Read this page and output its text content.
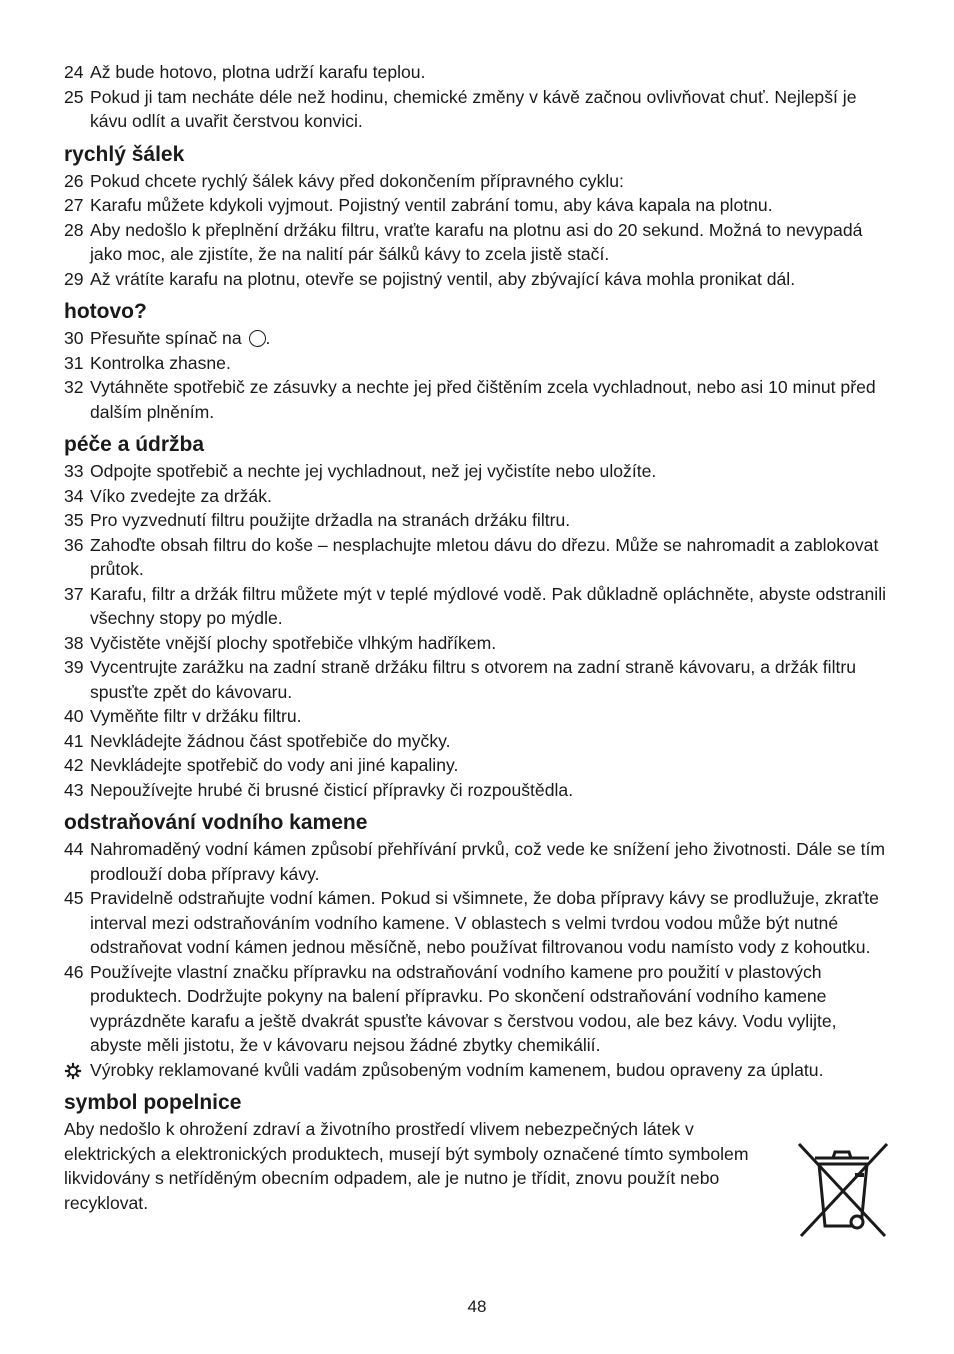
24 Až bude hotovo, plotna udrží karafu teplou.

25 Pokud ji tam necháte déle než hodinu, chemické změny v kávě začnou ovlivňovat chuť. Nejlepší je kávu odlít a uvařit čerstvou konvici.

rychlý šálek

26 Pokud chcete rychlý šálek kávy před dokončením přípravného cyklu:

27 Karafu můžete kdykoli vyjmout. Pojistný ventil zabrání tomu, aby káva kapala na plotnu.

28 Aby nedošlo k přeplnění držáku filtru, vraťte karafu na plotnu asi do 20 sekund. Možná to nevypadá jako moc, ale zjistíte, že na nalití pár šálků kávy to zcela jistě stačí.

29 Až vrátíte karafu na plotnu, otevře se pojistný ventil, aby zbývající káva mohla pronikat dál.

hotovo?

30 Přesuňte spínač na .

31 Kontrolka zhasne.

32 Vytáhněte spotřebič ze zásuvky a nechte jej před čištěním zcela vychladnout, nebo asi 10 minut před dalším plněním.

péče a údržba

33 Odpojte spotřebič a nechte jej vychladnout, než jej vyčistíte nebo uložíte.

34 Víko zvedejte za držák.

35 Pro vyzvednutí filtru použijte držadla na stranách držáku filtru.

36 Zahoďte obsah filtru do koše – nesplachujte mletou dávu do dřezu. Může se nahromadit a zablokovat průtok.

37 Karafu, filtr a držák filtru můžete mýt v teplé mýdlové vodě. Pak důkladně opláchněte, abyste odstranili všechny stopy po mýdle.

38 Vyčistěte vnější plochy spotřebiče vlhkým hadříkem.

39 Vycentrujte zarážku na zadní straně držáku filtru s otvorem na zadní straně kávovaru, a držák filtru spusťte zpět do kávovaru.

40 Vyměňte filtr v držáku filtru.

41 Nevkládejte žádnou část spotřebiče do myčky.

42 Nevkládejte spotřebič do vody ani jiné kapaliny.

43 Nepoužívejte hrubé či brusné čisticí přípravky či rozpouštědla.

odstraňování vodního kamene

44 Nahromaděný vodní kámen způsobí přehřívání prvků, což vede ke snížení jeho životnosti. Dále se tím prodlouží doba přípravy kávy.

45 Pravidelně odstraňujte vodní kámen. Pokud si všimnete, že doba přípravy kávy se prodlužuje, zkraťte interval mezi odstraňováním vodního kamene. V oblastech s velmi tvrdou vodou může být nutné odstraňovat vodní kámen jednou měsíčně, nebo používat filtrovanou vodu namísto vody z kohoutku.

46 Používejte vlastní značku přípravku na odstraňování vodního kamene pro použití v plastových produktech. Dodržujte pokyny na balení přípravku. Po skončení odstraňování vodního kamene vyprázdněte karafu a ještě dvakrát spusťte kávovar s čerstvou vodou, ale bez kávy. Vodu vylijte, abyste měli jistotu, že v kávovaru nejsou žádné zbytky chemikálií.

Výrobky reklamované kvůli vadám způsobeným vodním kamenem, budou opraveny za úplatu.

symbol popelnice

Aby nedošlo k ohrožení zdraví a životního prostředí vlivem nebezpečných látek v elektrických a elektronických produktech, musejí být symboly označené tímto symbolem likvidovány s netříděným obecním odpadem, ale je nutno je třídit, znovu použít nebo recyklovat.

48
